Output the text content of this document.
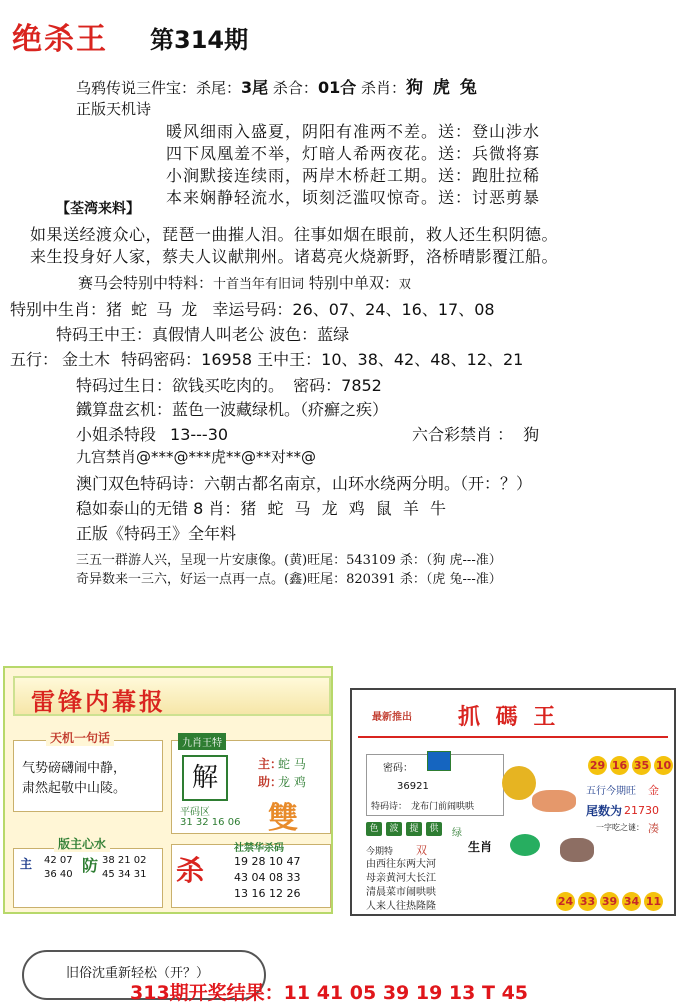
绝杀王 第314期
乌鸦传说三件宝：杀尾：3尾 杀合：01合 杀肖：狗 虎 兔
正版天机诗
暖风细雨入盛夏，阴阳有准两不差。送：登山涉水
四下凤凰羞不举，灯暗人希两夜花。送：兵微将寡
小涧默接连续雨，两岸木桥赶工期。送：跑肚拉稀
本来娴静轻流水，顷刻泛滥叹惊奇。送：讨恶剪暴
【荃湾来料】
如果送经渡众心，琵琶一曲摧人泪。往事如烟在眼前，救人还生积阴德。
来生投身好人家，蔡夫人议献荆州。诸葛亮火烧新野，洛桥晴影覆江船。
赛马会特别中特料：十首当年有旧词 特别中单双：双
特别中生肖：猪 蛇 马 龙 幸运号码：26、07、24、16、17、08
特码王中王：真假情人叫老公 波色：蓝绿
五行： 金土木 特码密码：16958 王中王：10、38、42、48、12、21
特码过生日：欲钱买吃肉的。 密码：7852
鐵算盘玄机：蓝色一波藏绿机。（疥癬之疾）
小姐杀特段 13---30	六合彩禁肖 ： 狗
九宫禁肖@***@***虎**@**对**@
澳门双色特码诗：六朝古都名南京，山环水绕两分明。（开：？）
稳如泰山的无错 8 肖：猪 蛇 马 龙 鸡 鼠 羊 牛
正版《特码王》全年料
三五一群游人兴，呈现一片安康像。(黄)旺尾：543109 杀：（狗 虎---准）
奇异数来一三六，好运一点再一点。(鑫)旺尾：820391 杀：（虎 兔---准）
雷锋内幕报
天机一句话
气势磅礴闹中静，
肃然起敬中山陵。
九肖王特
解	主：
蛇 马
助：
龙 鸡
平码区
31 32 16 06 雙
版主心水
主 42 07
36 40 防 38 21 02
45 34 31 杀
社禁华杀码
19 28 10 47
43 04 08 33
13 16 12 26
最新推出 抓 碼 王
29 16 35 10
五行今期旺 金
尾数为 21730
密码：
36921
特码诗： 龙布门前闹哄哄
色	波	提	供	绿
今期特 双	生肖
由西往东两大河
母亲黄河大长江
清晨菜市闹哄哄
人来人往热隆隆
一字吃之谜： 凑
24 33 39 34 11
旧俗沈重新轻松（开？）
313期开奖结果：11 41 05 39 19 13 T 45
